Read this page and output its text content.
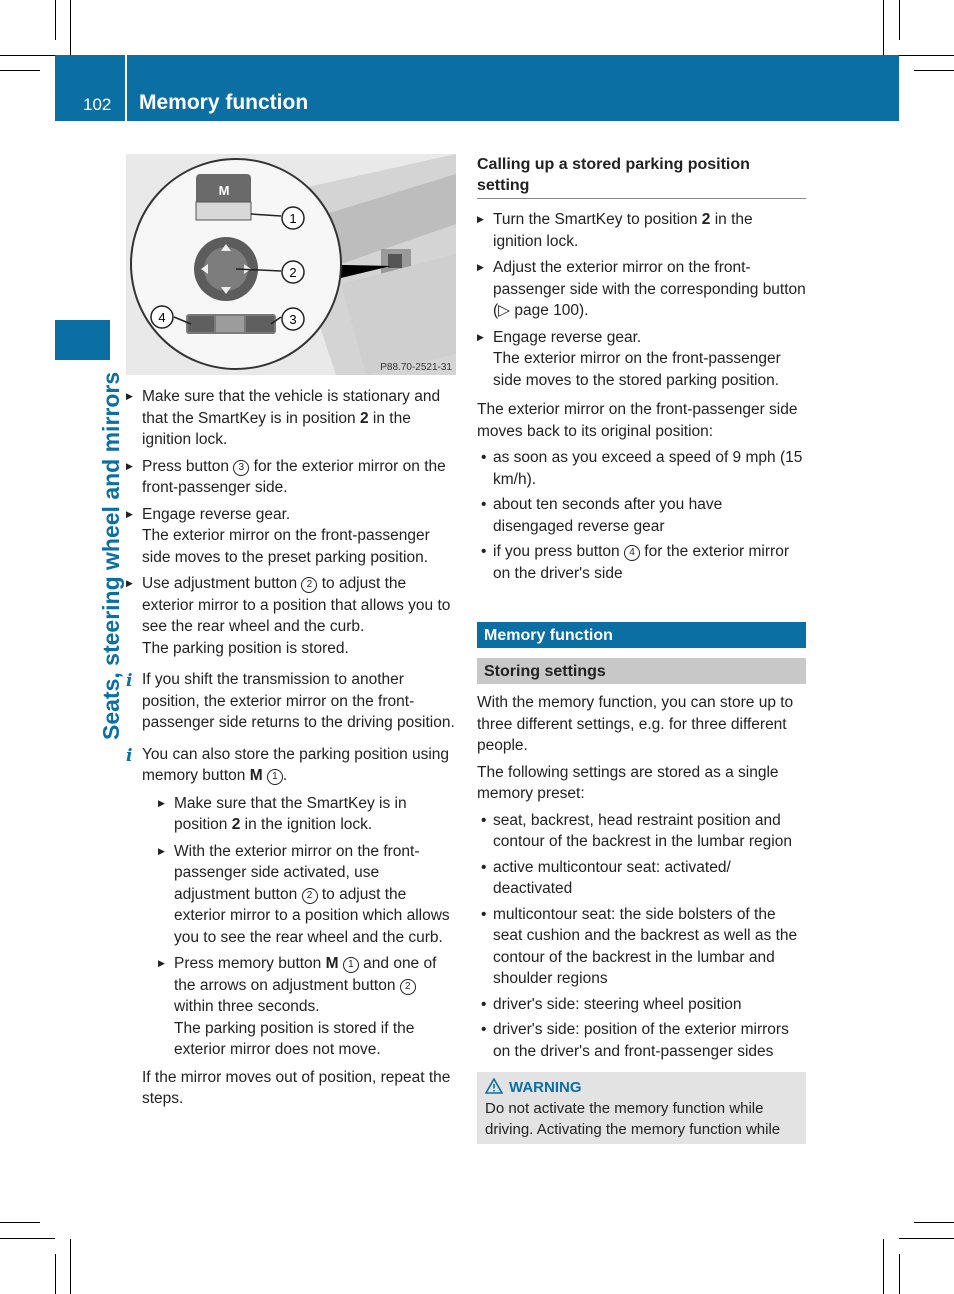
102 Memory function
Seats, steering wheel and mirrors
M
1
2
3
4
P88.70-2521-31
▶ Make sure that the vehicle is stationary and that the SmartKey is in position 2 in the ignition lock.
▶ Press button 3 for the exterior mirror on the front-passenger side.
▶ Engage reverse gear.
The exterior mirror on the front-passenger side moves to the preset parking position.
▶ Use adjustment button 2 to adjust the exterior mirror to a position that allows you to see the rear wheel and the curb.
The parking position is stored.
i If you shift the transmission to another position, the exterior mirror on the front-passenger side returns to the driving position.
i You can also store the parking position using memory button M 1 .
▶ Make sure that the SmartKey is in position 2 in the ignition lock.
▶ With the exterior mirror on the front-passenger side activated, use adjustment button 2 to adjust the exterior mirror to a position which allows you to see the rear wheel and the curb.
▶ Press memory button M 1 and one of the arrows on adjustment button 2 within three seconds.
The parking position is stored if the exterior mirror does not move.

If the mirror moves out of position, repeat the steps.

Calling up a stored parking position setting
▶ Turn the SmartKey to position 2 in the ignition lock.
▶ Adjust the exterior mirror on the front-passenger side with the corresponding button (▷ page 100).
▶ Engage reverse gear.
The exterior mirror on the front-passenger side moves to the stored parking position.

The exterior mirror on the front-passenger side moves back to its original position:

• as soon as you exceed a speed of 9 mph (15 km/h).
• about ten seconds after you have disengaged reverse gear
• if you press button 4 for the exterior mirror on the driver's side
Memory function
Storing settings

With the memory function, you can store up to three different settings, e.g. for three different people.

The following settings are stored as a single memory preset:

• seat, backrest, head restraint position and contour of the backrest in the lumbar region
• active multicontour seat: activated/ deactivated
• multicontour seat: the side bolsters of the seat cushion and the backrest as well as the contour of the backrest in the lumbar and shoulder regions
• driver's side: steering wheel position
• driver's side: position of the exterior mirrors on the driver's and front-passenger sides
WARNING
Do not activate the memory function while driving. Activating the memory function while
